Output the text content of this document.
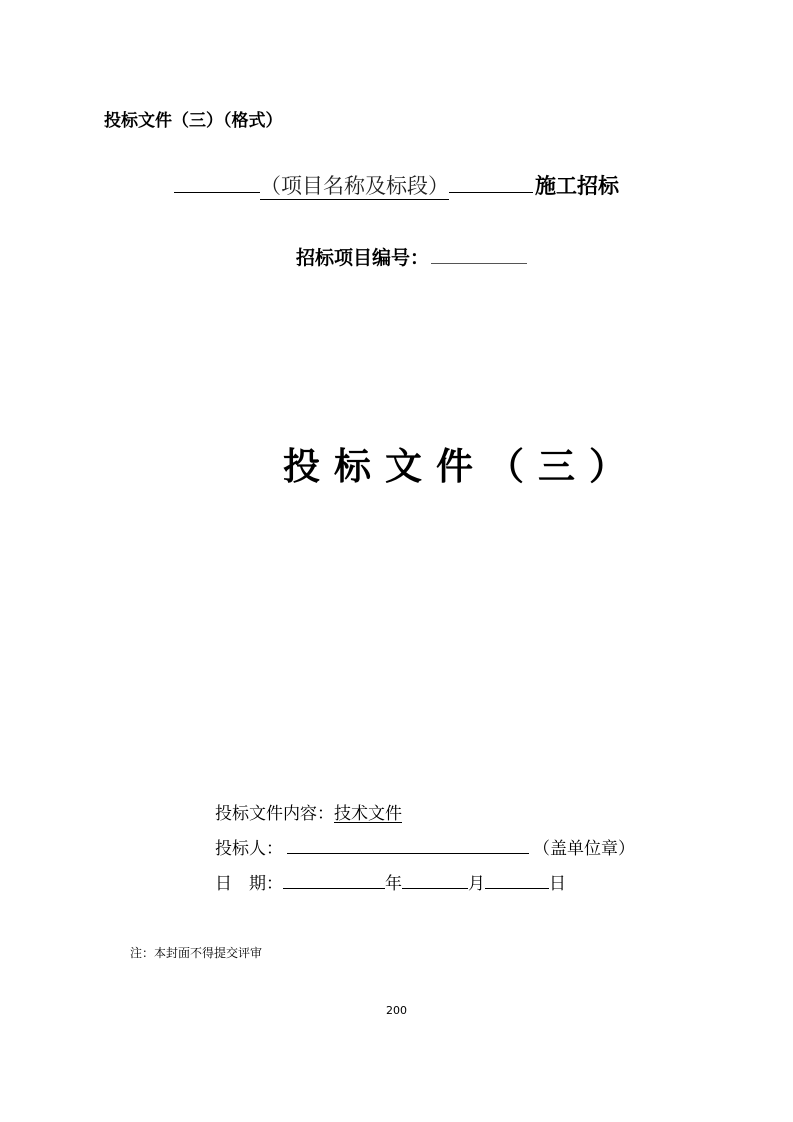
投标文件（三）（格式）
（项目名称及标段）	施工招标
招标项目编号：
投标文件（三）
投标文件内容：技术文件
投标人：	（盖单位章）
日 期：	年	月	日
注：本封面不得提交评审
200
